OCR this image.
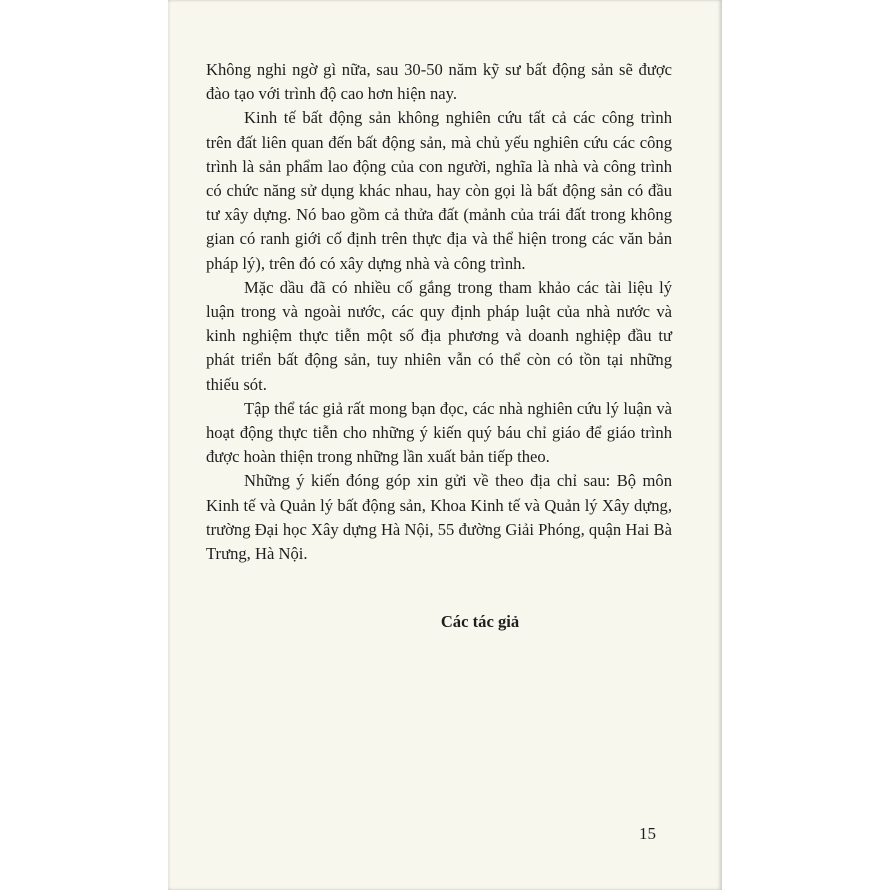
Không nghi ngờ gì nữa, sau 30-50 năm kỹ sư bất động sản sẽ được đào tạo với trình độ cao hơn hiện nay.

Kinh tế bất động sản không nghiên cứu tất cả các công trình trên đất liên quan đến bất động sản, mà chủ yếu nghiên cứu các công trình là sản phẩm lao động của con người, nghĩa là nhà và công trình có chức năng sử dụng khác nhau, hay còn gọi là bất động sản có đầu tư xây dựng. Nó bao gồm cả thửa đất (mảnh của trái đất trong không gian có ranh giới cố định trên thực địa và thể hiện trong các văn bản pháp lý), trên đó có xây dựng nhà và công trình.

Mặc dầu đã có nhiều cố gắng trong tham khảo các tài liệu lý luận trong và ngoài nước, các quy định pháp luật của nhà nước và kinh nghiệm thực tiễn một số địa phương và doanh nghiệp đầu tư phát triển bất động sản, tuy nhiên vẫn có thể còn có tồn tại những thiếu sót.

Tập thể tác giả rất mong bạn đọc, các nhà nghiên cứu lý luận và hoạt động thực tiễn cho những ý kiến quý báu chỉ giáo để giáo trình được hoàn thiện trong những lần xuất bản tiếp theo.

Những ý kiến đóng góp xin gửi về theo địa chỉ sau: Bộ môn Kinh tế và Quản lý bất động sản, Khoa Kinh tế và Quản lý Xây dựng, trường Đại học Xây dựng Hà Nội, 55 đường Giải Phóng, quận Hai Bà Trưng, Hà Nội.

Các tác giả
15
